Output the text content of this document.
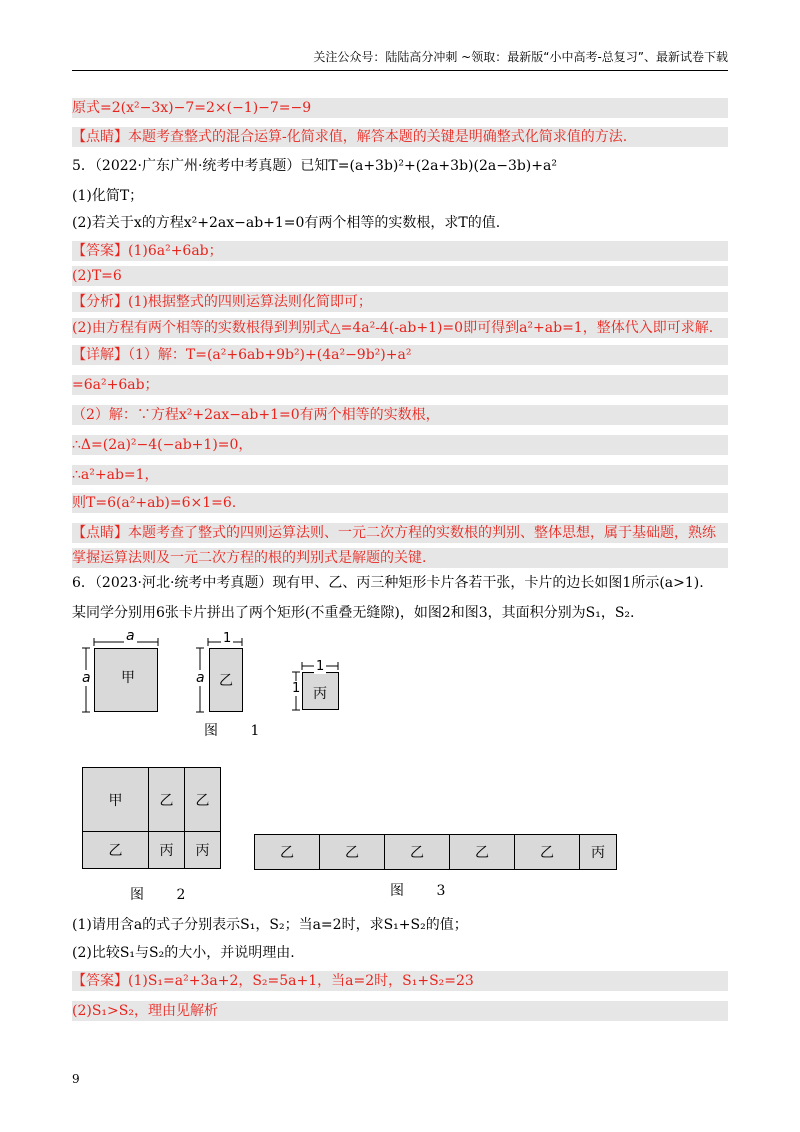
关注公众号：陆陆高分冲刺 ~领取：最新版“小中高考-总复习”、最新试卷下载
原式=2(x²−3x)−7=2×(−1)−7=−9
【点睛】本题考查整式的混合运算-化简求值，解答本题的关键是明确整式化简求值的方法.
5．（2022·广东广州·统考中考真题）已知T=(a+3b)²+(2a+3b)(2a−3b)+a²
(1)化简T；
(2)若关于x的方程x²+2ax−ab+1=0有两个相等的实数根，求T的值.
【答案】(1)6a²+6ab；
(2)T=6
【分析】(1)根据整式的四则运算法则化简即可；
(2)由方程有两个相等的实数根得到判别式△=4a²-4(-ab+1)=0即可得到a²+ab=1，整体代入即可求解.
【详解】（1）解：T=(a²+6ab+9b²)+(4a²−9b²)+a²
=6a²+6ab；
（2）解：∵方程x²+2ax−ab+1=0有两个相等的实数根，
∴Δ=(2a)²−4(−ab+1)=0，
∴a²+ab=1，
则T=6(a²+ab)=6×1=6.
【点睛】本题考查了整式的四则运算法则、一元二次方程的实数根的判别、整体思想，属于基础题，熟练
掌握运算法则及一元二次方程的根的判别式是解题的关键.
6．（2023·河北·统考中考真题）现有甲、乙、丙三种矩形卡片各若干张，卡片的边长如图1所示(a>1).
某同学分别用6张卡片拼出了两个矩形(不重叠无缝隙)，如图2和图3，其面积分别为S₁，S₂.
甲
a
a	乙
1
a
丙
1
1
图 1
甲	乙	乙
乙	丙	丙
图 2
乙	乙	乙	乙	乙	丙
图 3
(1)请用含a的式子分别表示S₁，S₂；当a=2时，求S₁+S₂的值；
(2)比较S₁与S₂的大小，并说明理由.
【答案】(1)S₁=a²+3a+2，S₂=5a+1，当a=2时，S₁+S₂=23
(2)S₁>S₂，理由见解析
9
